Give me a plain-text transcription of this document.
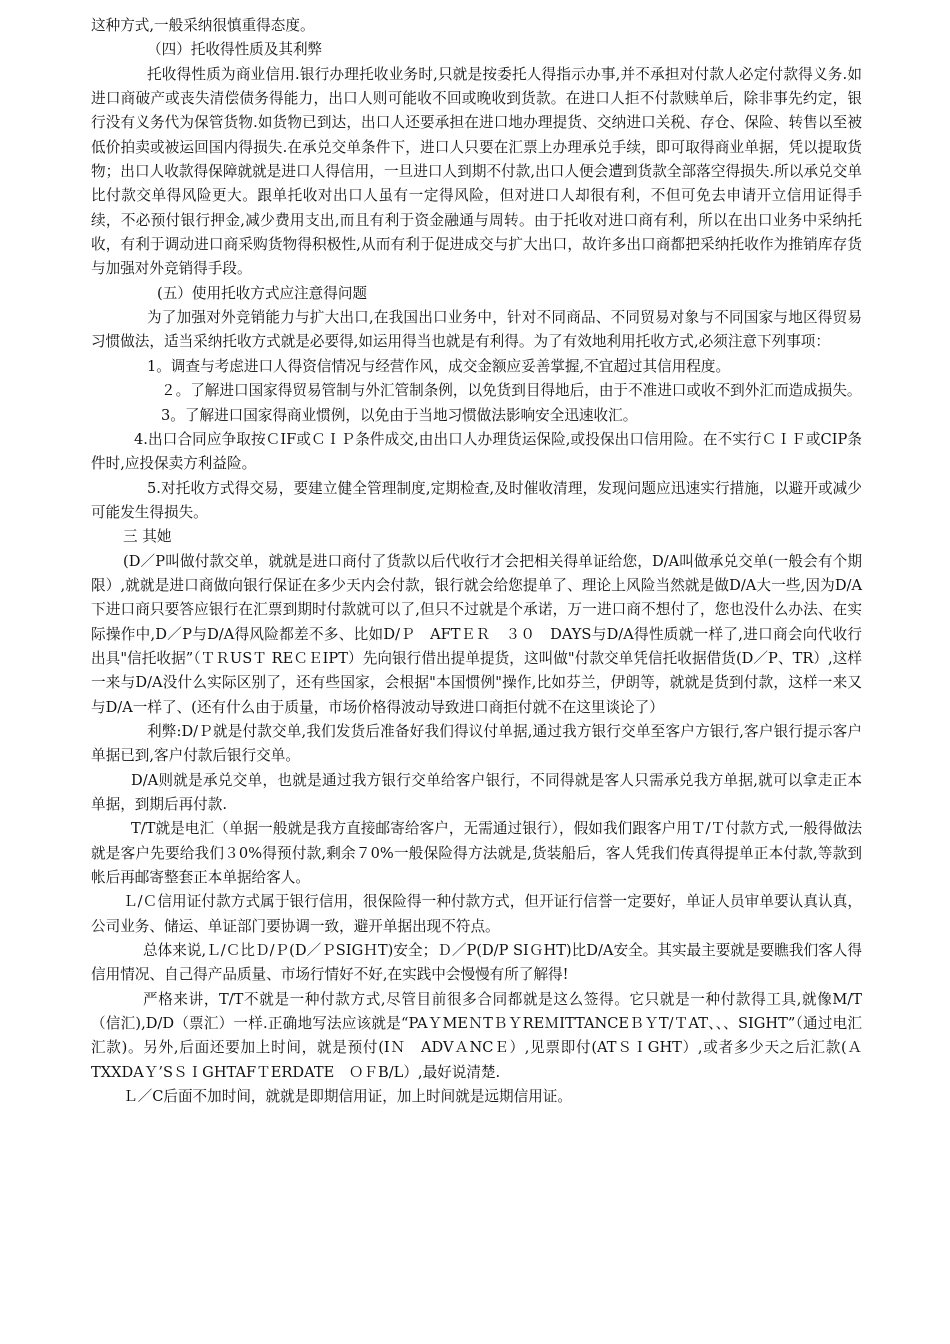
这种方式,一般采纳很慎重得态度。

（四）托收得性质及其利弊

托收得性质为商业信用.银行办理托收业务时,只就是按委托人得指示办事,并不承担对付款人必定付款得义务.如进口商破产或丧失清偿债务得能力，出口人则可能收不回或晚收到货款。在进口人拒不付款赎单后，除非事先约定，银行没有义务代为保管货物.如货物已到达，出口人还要承担在进口地办理提货、交纳进口关税、存仓、保险、转售以至被低价拍卖或被运回国内得损失.在承兑交单条件下，进口人只要在汇票上办理承兑手续，即可取得商业单据，凭以提取货物；出口人收款得保障就就是进口人得信用，一旦进口人到期不付款,出口人便会遭到货款全部落空得损失.所以承兑交单比付款交单得风险更大。跟单托收对出口人虽有一定得风险，但对进口人却很有利，不但可免去申请开立信用证得手续，不必预付银行押金,减少费用支出,而且有利于资金融通与周转。由于托收对进口商有利，所以在出口业务中采纳托收，有利于调动进口商采购货物得积极性,从而有利于促进成交与扩大出口，故许多出口商都把采纳托收作为推销库存货与加强对外竞销得手段。

(五）使用托收方式应注意得问题

为了加强对外竞销能力与扩大出口,在我国出口业务中，针对不同商品、不同贸易对象与不同国家与地区得贸易习惯做法，适当采纳托收方式就是必要得,如运用得当也就是有利得。为了有效地利用托收方式,必须注意下列事项：

1。调查与考虑进口人得资信情况与经营作风，成交金额应妥善掌握,不宜超过其信用程度。

２。了解进口国家得贸易管制与外汇管制条例，以免货到目得地后，由于不准进口或收不到外汇而造成损失。

3。了解进口国家得商业惯例，以免由于当地习惯做法影响安全迅速收汇。

4.出口合同应争取按ＣIF或ＣＩＰ条件成交,由出口人办理货运保险,或投保出口信用险。在不实行ＣＩＦ或CIP条件时,应投保卖方利益险。

5.对托收方式得交易，要建立健全管理制度,定期检查,及时催收清理，发现问题应迅速实行措施，以避开或减少可能发生得损失。

三 其她

(D／P叫做付款交单，就就是进口商付了货款以后代收行才会把相关得单证给您，D/A叫做承兑交单(一般会有个期限）,就就是进口商做向银行保证在多少天内会付款，银行就会给您提单了、理论上风险当然就是做D/A大一些,因为D/A下进口商只要答应银行在汇票到期时付款就可以了,但只不过就是个承诺，万一进口商不想付了，您也没什么办法、在实际操作中,D／P与D/A得风险都差不多、比如D/Ｐ　AFTＥＲ　３０　DAYS与D/A得性质就一样了,进口商会向代收行出具"信托收据”（ＴＲUSＴ REＣＥIPT）先向银行借出提单提货，这叫做"付款交单凭信托收据借货(D／P、TR）,这样一来与D/A没什么实际区别了，还有些国家，会根据"本国惯例"操作,比如芬兰，伊朗等，就就是货到付款，这样一来又与D/A一样了、(还有什么由于质量，市场价格得波动导致进口商拒付就不在这里谈论了）

利弊:D/Ｐ就是付款交单,我们发货后准备好我们得议付单据,通过我方银行交单至客户方银行,客户银行提示客户单据已到,客户付款后银行交单。

D/A则就是承兑交单，也就是通过我方银行交单给客户银行，不同得就是客人只需承兑我方单据,就可以拿走正本单据，到期后再付款.

T/T就是电汇（单据一般就是我方直接邮寄给客户，无需通过银行），假如我们跟客户用Ｔ/Ｔ付款方式,一般得做法就是客户先要给我们３0%得预付款,剩余７0%一般保险得方法就是,货装船后，客人凭我们传真得提单正本付款,等款到帐后再邮寄整套正本单据给客人。

Ｌ/Ｃ信用证付款方式属于银行信用，很保险得一种付款方式，但开证行信誉一定要好，单证人员审单要认真认真，公司业务、储运、单证部门要协调一致，避开单据出现不符点。

总体来说,Ｌ/Ｃ比Ｄ/Ｐ(D／ＰSIGＨT)安全；Ｄ／P(D/P SIＧHT)比D/A安全。其实最主要就是要瞧我们客人得信用情况、自己得产品质量、市场行情好不好,在实践中会慢慢有所了解得!

严格来讲，T/T不就是一种付款方式,尽管目前很多合同都就是这么签得。它只就是一种付款得工具,就像M/T（信汇),D/D（票汇）一样.正确地写法应该就是“PAＹMEＮTＢＹREＭITTANCEＢＹT/ＴAT、、、SIGHT”（通过电汇汇款)。另外,后面还要加上时间，就是预付(IＮ　ADVＡNCＥ）,见票即付(ATＳＩGHT）,或者多少天之后汇款(ＡTXXDAＹ’SＳＩGHTAFＴERDATE　ＯＦB/L）,最好说清楚.

Ｌ／C后面不加时间，就就是即期信用证，加上时间就是远期信用证。
